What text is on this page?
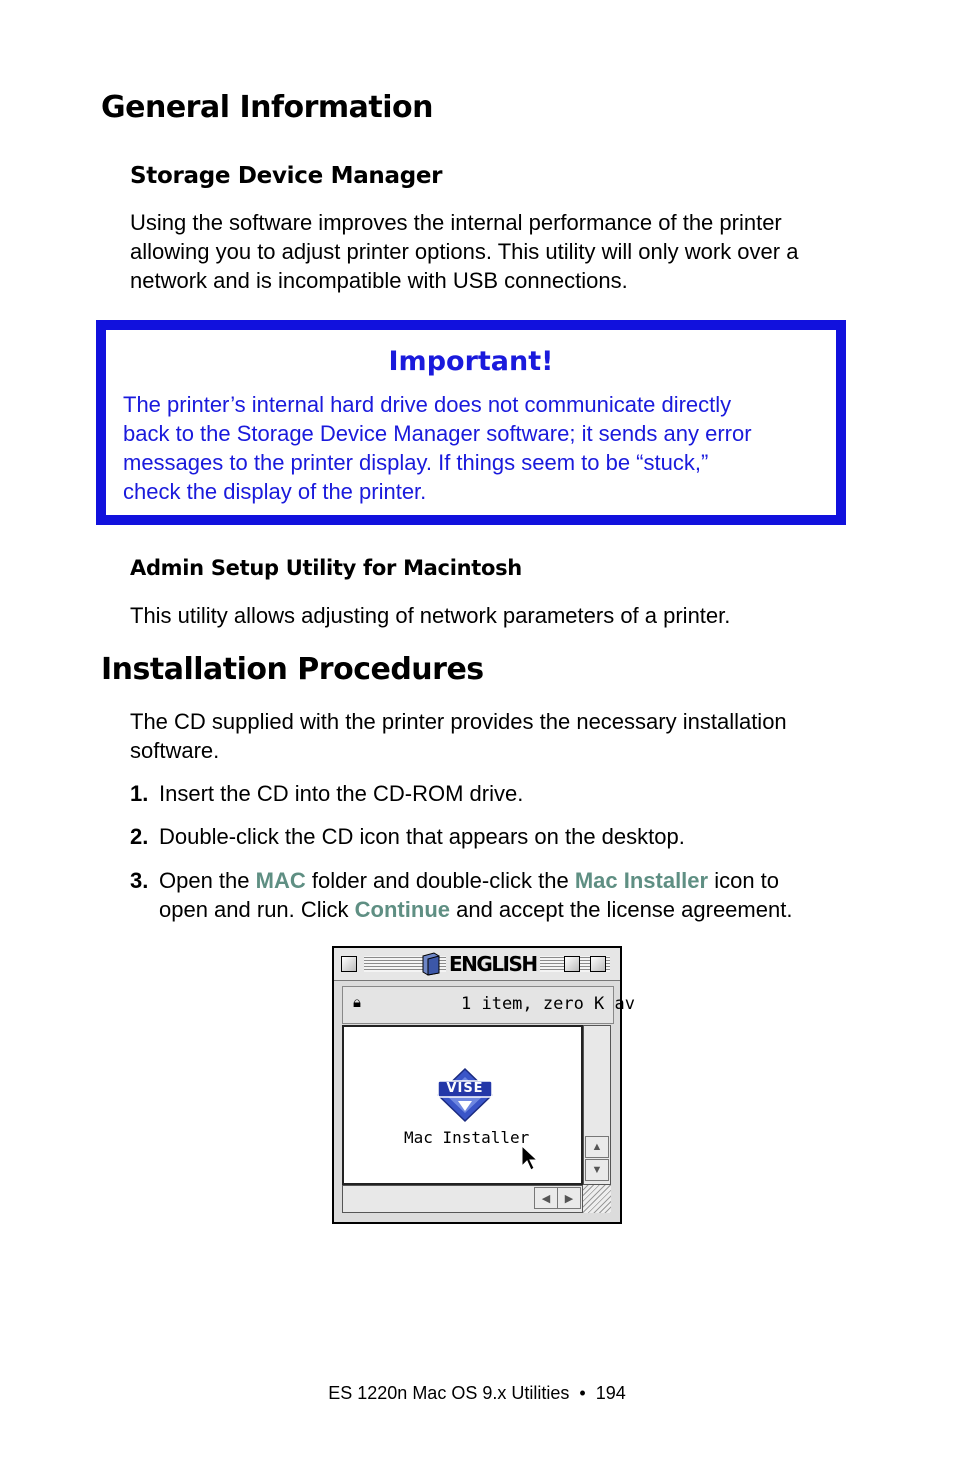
General Information
Storage Device Manager

Using the software improves the internal performance of the printer allowing you to adjust printer options. This utility will only work over a network and is incompatible with USB connections.

Important!

The printer’s internal hard drive does not communicate directly

back to the Storage Device Manager software; it sends any error

messages to the printer display. If things seem to be “stuck,”

check the display of the printer.

Admin Setup Utility for Macintosh

This utility allows adjusting of network parameters of a printer.

Installation Procedures

The CD supplied with the printer provides the necessary installation

software.

1. Insert the CD into the CD-ROM drive.
2. Double-click the CD icon that appears on the desktop.
3. Open the MAC folder and double-click the Mac Installer icon to
open and run. Click Continue and accept the license agreement.
ENGLISH
🔒︎	1 item, zero K av
VISE
Mac Installer	▲
▼
◀	▶
ES 1220n Mac OS 9.x Utilities • 194
